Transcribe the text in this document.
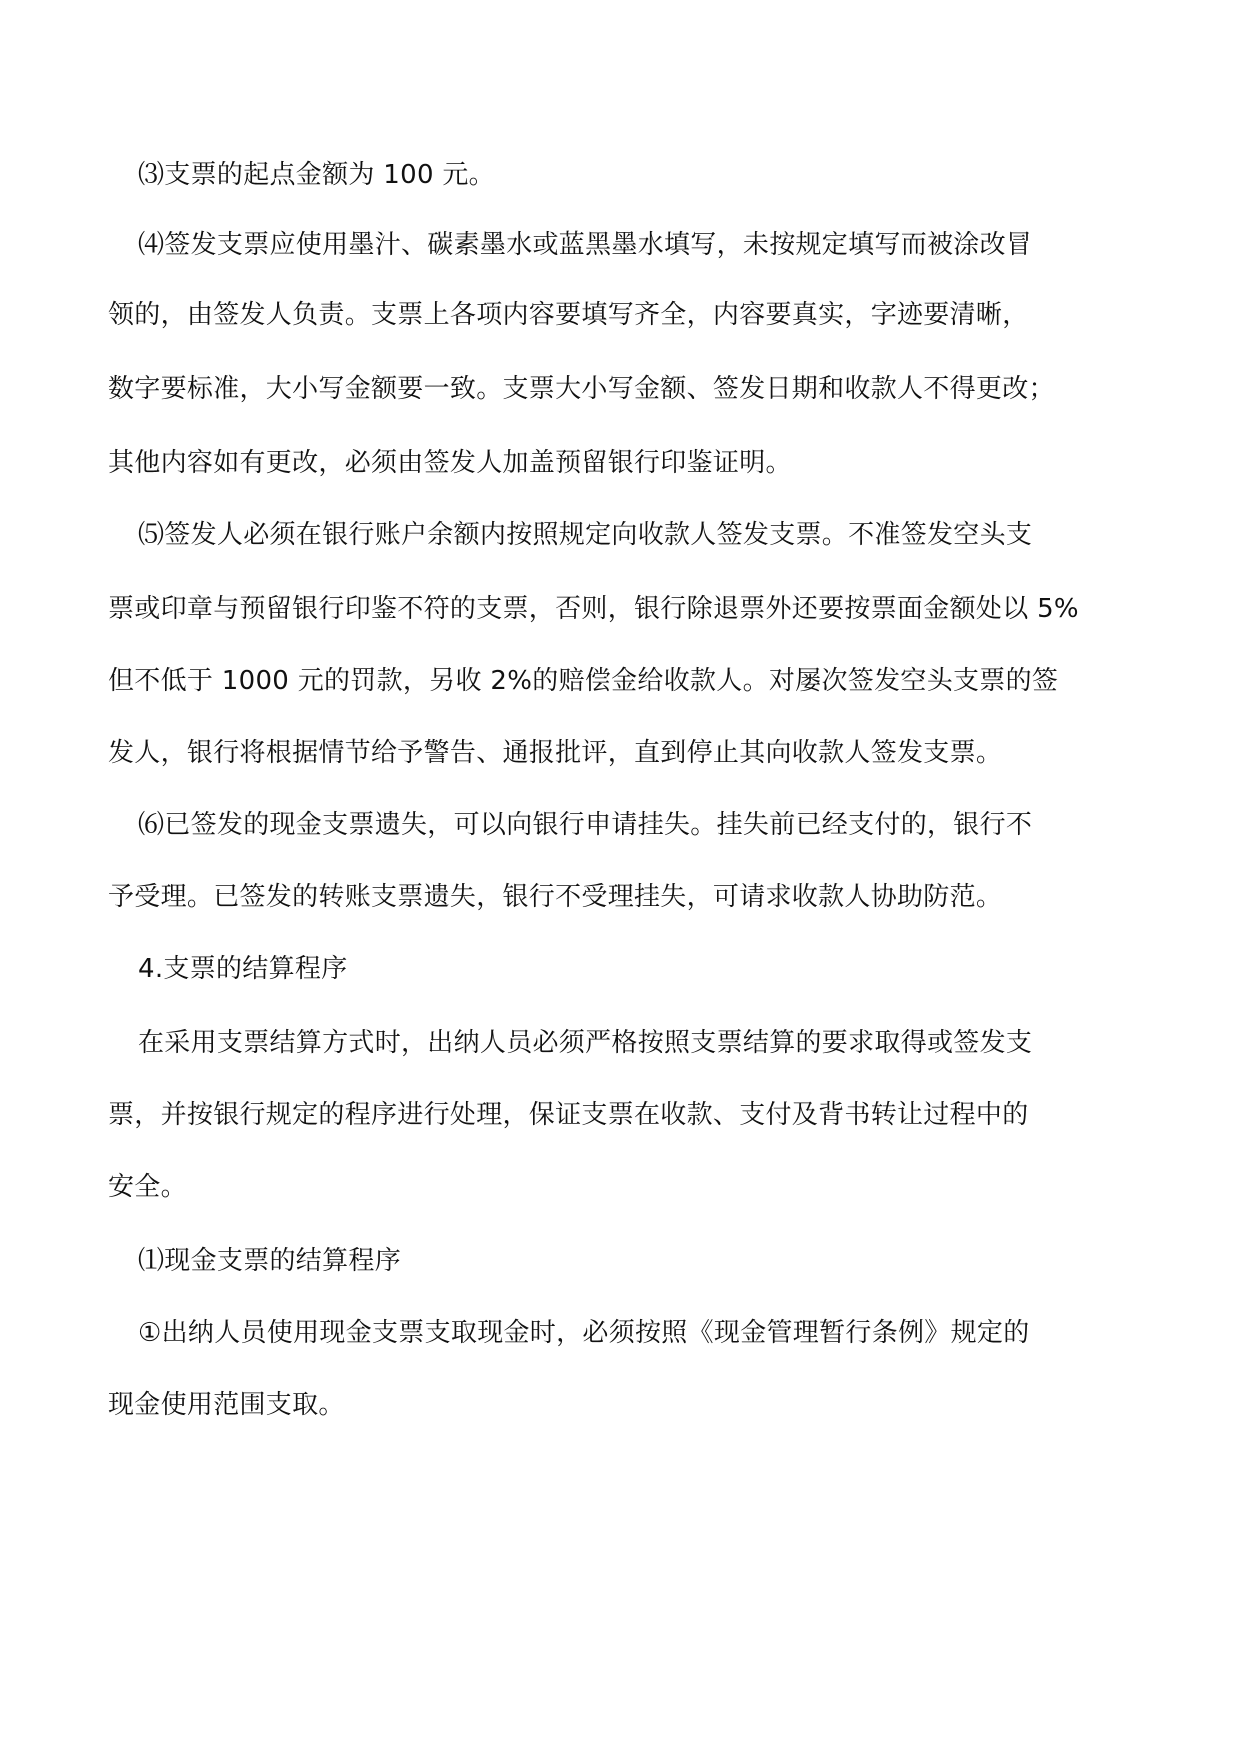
⑶支票的起点金额为 100 元。

⑷签发支票应使用墨汁、碳素墨水或蓝黑墨水填写，未按规定填写而被涂改冒

领的，由签发人负责。支票上各项内容要填写齐全，内容要真实，字迹要清晰，

数字要标准，大小写金额要一致。支票大小写金额、签发日期和收款人不得更改；

其他内容如有更改，必须由签发人加盖预留银行印鉴证明。

⑸签发人必须在银行账户余额内按照规定向收款人签发支票。不准签发空头支

票或印章与预留银行印鉴不符的支票，否则，银行除退票外还要按票面金额处以 5%

但不低于 1000 元的罚款，另收 2%的赔偿金给收款人。对屡次签发空头支票的签

发人，银行将根据情节给予警告、通报批评，直到停止其向收款人签发支票。

⑹已签发的现金支票遗失，可以向银行申请挂失。挂失前已经支付的，银行不

予受理。已签发的转账支票遗失，银行不受理挂失，可请求收款人协助防范。

4.支票的结算程序

在采用支票结算方式时，出纳人员必须严格按照支票结算的要求取得或签发支

票，并按银行规定的程序进行处理，保证支票在收款、支付及背书转让过程中的

安全。

⑴现金支票的结算程序

①出纳人员使用现金支票支取现金时，必须按照《现金管理暂行条例》规定的

现金使用范围支取。
